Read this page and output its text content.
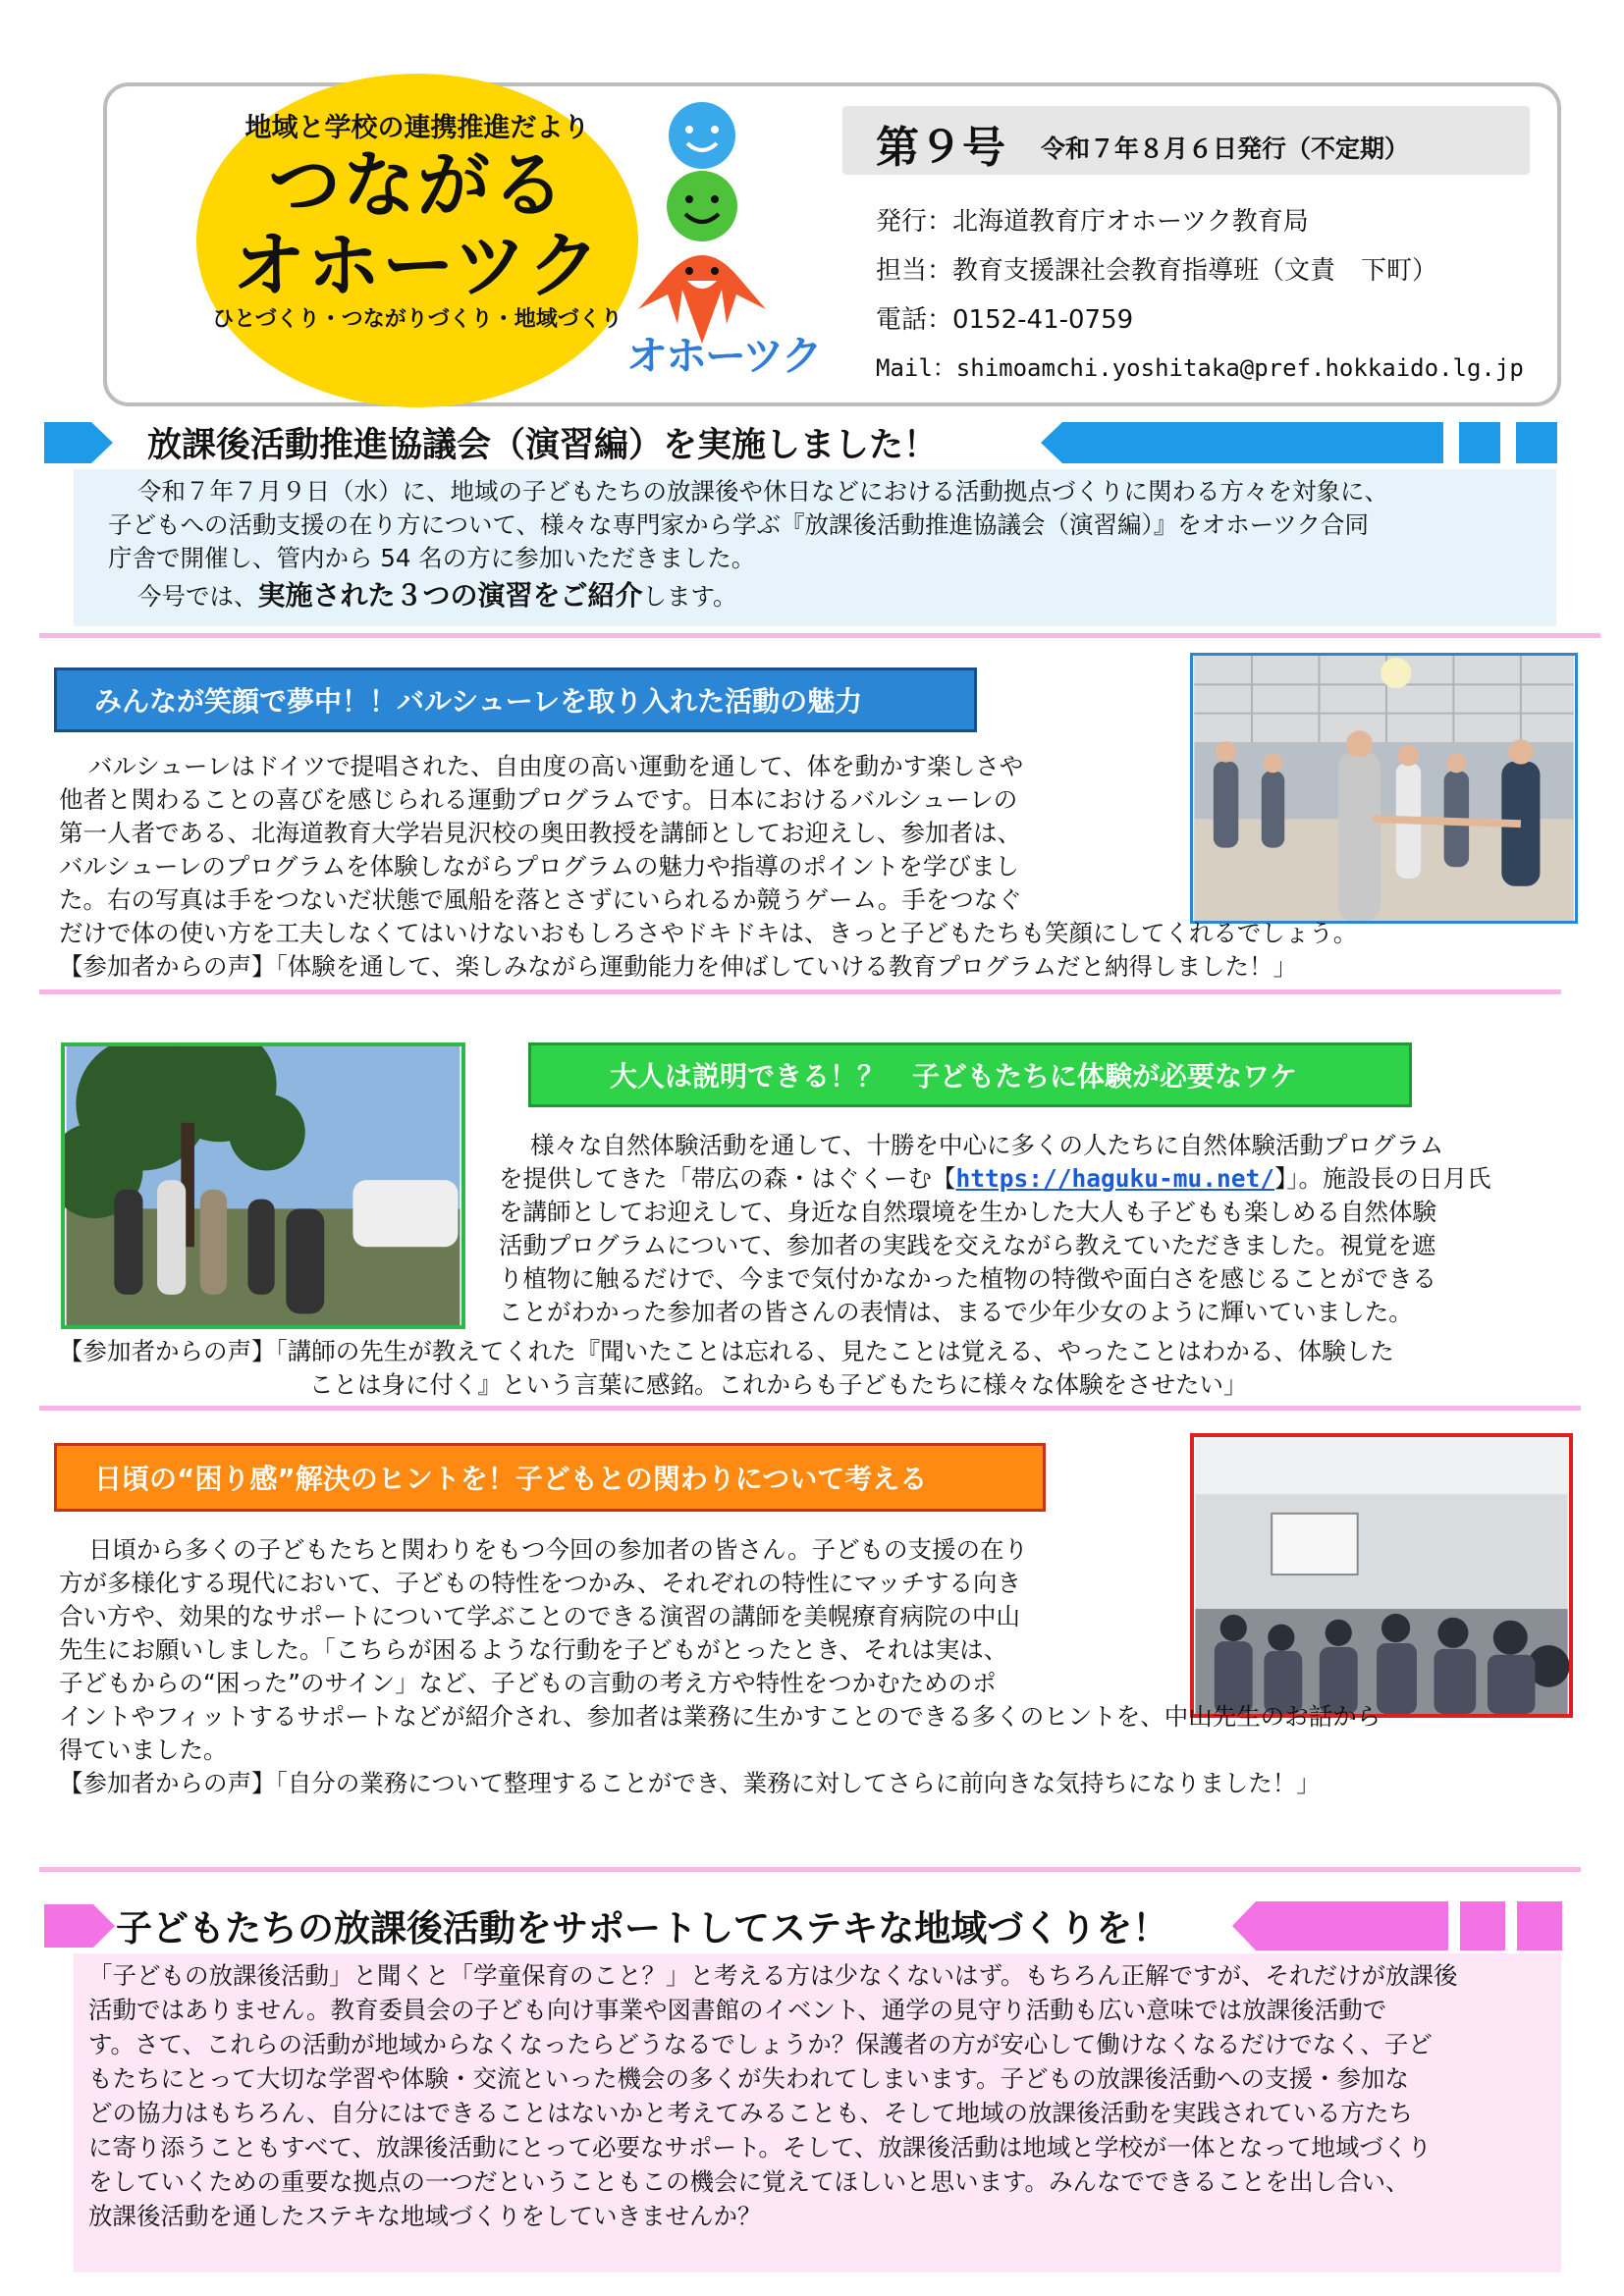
地域と学校の連携推進だより
つながる
オホーツク
ひとづくり・つながりづくり・地域づくり
オホーツク
第９号 令和７年８月６日発行（不定期）
発行：北海道教育庁オホーツク教育局
担当：教育支援課社会教育指導班（文責　下町）
電話：0152-41-0759
Mail：shimoamchi.yoshitaka@pref.hokkaido.lg.jp
放課後活動推進協議会（演習編）を実施しました！
令和７年７月９日（水）に、地域の子どもたちの放課後や休日などにおける活動拠点づくりに関わる方々を対象に、
子どもへの活動支援の在り方について、様々な専門家から学ぶ『放課後活動推進協議会（演習編）』をオホーツク合同
庁舎で開催し、管内から 54 名の方に参加いただきました。
今号では、実施された３つの演習をご紹介します。
みんなが笑顔で夢中！！バルシューレを取り入れた活動の魅力
バルシューレはドイツで提唱された、自由度の高い運動を通して、体を動かす楽しさや
他者と関わることの喜びを感じられる運動プログラムです。日本におけるバルシューレの
第一人者である、北海道教育大学岩見沢校の奥田教授を講師としてお迎えし、参加者は、
バルシューレのプログラムを体験しながらプログラムの魅力や指導のポイントを学びまし
た。右の写真は手をつないだ状態で風船を落とさずにいられるか競うゲーム。手をつなぐ
だけで体の使い方を工夫しなくてはいけないおもしろさやドキドキは、きっと子どもたちも笑顔にしてくれるでしょう。
【参加者からの声】「体験を通して、楽しみながら運動能力を伸ばしていける教育プログラムだと納得しました！」
大人は説明できる！？　子どもたちに体験が必要なワケ
様々な自然体験活動を通して、十勝を中心に多くの人たちに自然体験活動プログラム
を提供してきた「帯広の森・はぐくーむ【https://haguku-mu.net/】」。施設長の日月氏
を講師としてお迎えして、身近な自然環境を生かした大人も子どもも楽しめる自然体験
活動プログラムについて、参加者の実践を交えながら教えていただきました。視覚を遮
り植物に触るだけで、今まで気付かなかった植物の特徴や面白さを感じることができる
ことがわかった参加者の皆さんの表情は、まるで少年少女のように輝いていました。
【参加者からの声】「講師の先生が教えてくれた『聞いたことは忘れる、見たことは覚える、やったことはわかる、体験した
ことは身に付く』という言葉に感銘。これからも子どもたちに様々な体験をさせたい」
日頃の“困り感”解決のヒントを！子どもとの関わりについて考える
日頃から多くの子どもたちと関わりをもつ今回の参加者の皆さん。子どもの支援の在り
方が多様化する現代において、子どもの特性をつかみ、それぞれの特性にマッチする向き
合い方や、効果的なサポートについて学ぶことのできる演習の講師を美幌療育病院の中山
先生にお願いしました。「こちらが困るような行動を子どもがとったとき、それは実は、
子どもからの“困った”のサイン」など、子どもの言動の考え方や特性をつかむためのポ
イントやフィットするサポートなどが紹介され、参加者は業務に生かすことのできる多くのヒントを、中山先生のお話から
得ていました。
【参加者からの声】「自分の業務について整理することができ、業務に対してさらに前向きな気持ちになりました！」
子どもたちの放課後活動をサポートしてステキな地域づくりを！
「子どもの放課後活動」と聞くと「学童保育のこと？」と考える方は少なくないはず。もちろん正解ですが、それだけが放課後
活動ではありません。教育委員会の子ども向け事業や図書館のイベント、通学の見守り活動も広い意味では放課後活動で
す。さて、これらの活動が地域からなくなったらどうなるでしょうか？保護者の方が安心して働けなくなるだけでなく、子ど
もたちにとって大切な学習や体験・交流といった機会の多くが失われてしまいます。子どもの放課後活動への支援・参加な
どの協力はもちろん、自分にはできることはないかと考えてみることも、そして地域の放課後活動を実践されている方たち
に寄り添うこともすべて、放課後活動にとって必要なサポート。そして、放課後活動は地域と学校が一体となって地域づくり
をしていくための重要な拠点の一つだということもこの機会に覚えてほしいと思います。みんなでできることを出し合い、
放課後活動を通したステキな地域づくりをしていきませんか？
